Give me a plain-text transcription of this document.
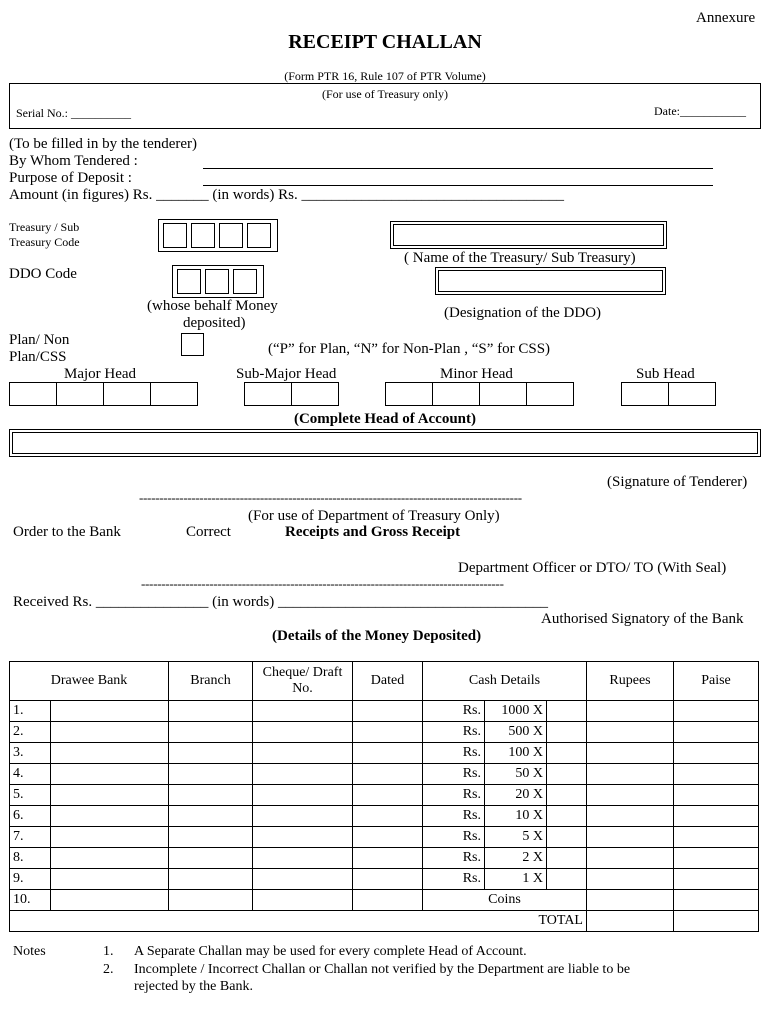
Annexure
RECEIPT CHALLAN
(Form PTR 16, Rule 107 of PTR Volume)
(For use of Treasury only)
Serial No.: __________	Date:___________
(To be filled in by the tenderer)
By Whom Tendered :
Purpose of Deposit :
Amount (in figures) Rs. _______ (in words) Rs. ___________________________________
Treasury / Sub
Treasury Code
( Name of the Treasury/ Sub Treasury)
DDO Code
(whose behalf Money
deposited)
(Designation of the DDO)
Plan/ Non
Plan/CSS	(“P” for Plan, “N” for Non-Plan , “S” for CSS)
Major Head	Sub-Major Head	Minor Head	Sub Head
(Complete Head of Account)
(Signature of Tenderer)
-----------------------------------------------------------------------------------------------
(For use of Department of Treasury Only)
Order to the Bank	Correct	Receipts and Gross Receipt
Department Officer or DTO/ TO (With Seal)
------------------------------------------------------------------------------------------
Received Rs. _______________ (in words) ____________________________________
Authorised Signatory of the Bank
(Details of the Money Deposited)
Drawee Bank		Branch	Cheque/ Draft No.	Dated	Cash Details			Rupees	Paise
1.					Rs.	1000 X			
2.					Rs.	500 X			
3.					Rs.	100 X			
4.					Rs.	50 X			
5.					Rs.	20 X			
6.					Rs.	10 X			
7.					Rs.	5 X			
8.					Rs.	2 X			
9.					Rs.	1 X			
10.					Coins				
TOTAL									
Notes	1. A Separate Challan may be used for every complete Head of Account.
2. Incomplete / Incorrect Challan or Challan not verified by the Department are liable to be
rejected by the Bank.
